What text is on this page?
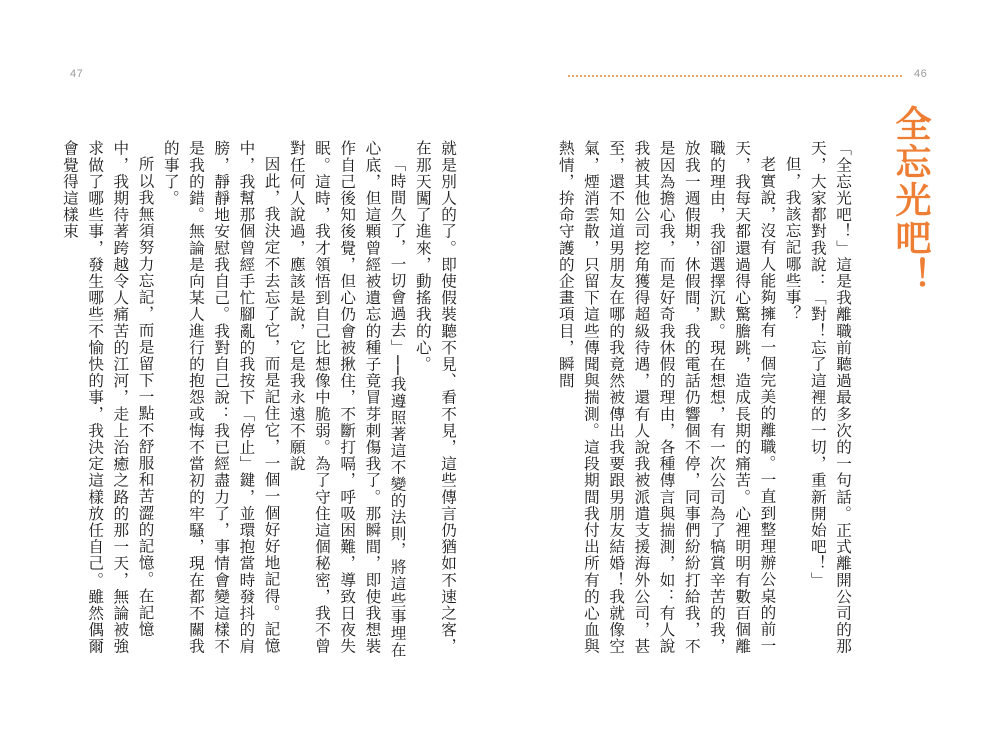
47	46
全忘光吧！

「全忘光吧！」這是我離職前聽過最多次的一句話。正式離開公司的那天，大家都對我說：「對！忘了這裡的一切，重新開始吧！」

但，我該忘記哪些事？

老實說，沒有人能夠擁有一個完美的離職。一直到整理辦公桌的前一天，我每天都還過得心驚膽跳，造成長期的痛苦。心裡明明有數百個離職的理由，我卻選擇沉默。現在想想，有一次公司為了犒賞辛苦的我，放我一週假期，休假間，我的電話仍響個不停，同事們紛紛打給我，不是因為擔心我，而是好奇我休假的理由，各種傳言與揣測，如：有人說我被其他公司挖角獲得超級待遇，還有人說我被派遣支援海外公司，甚至，還不知道男朋友在哪的我竟然被傳出我要跟男朋友結婚！我就像空氣，煙消雲散，只留下這些傳聞與揣測。這段期間我付出所有的心血與熱情，拚命守護的企畫項目，瞬間

就是別人的了。即使假裝聽不見、看不見，這些傳言仍猶如不速之客，在那天闖了進來，動搖我的心。

「時間久了，一切會過去」──我遵照著這不變的法則，將這些事埋在心底，但這顆曾經被遺忘的種子竟冒芽刺傷我了。那瞬間，即使我想裝作自己後知後覺，但心仍會被揪住，不斷打嗝，呼吸困難，導致日夜失眠。這時，我才領悟到自己比想像中脆弱。為了守住這個秘密，我不曾對任何人說過，應該是說，它是我永遠不願說

因此，我決定不去忘了它，而是記住它，一個一個好好地記得。記憶中，我幫那個曾經手忙腳亂的我按下「停止」鍵，並環抱當時發抖的肩膀，靜靜地安慰我自己。我對自己說：我已經盡力了，事情會變這樣不是我的錯。無論是向某人進行的抱怨或悔不當初的牢騷，現在都不關我的事了。

所以我無須努力忘記，而是留下一點不舒服和苦澀的記憶。在記憶中，我期待著跨越令人痛苦的江河，走上治癒之路的那一天，無論被強求做了哪些事，發生哪些不愉快的事，我決定這樣放任自己。雖然偶爾會覺得這樣束
